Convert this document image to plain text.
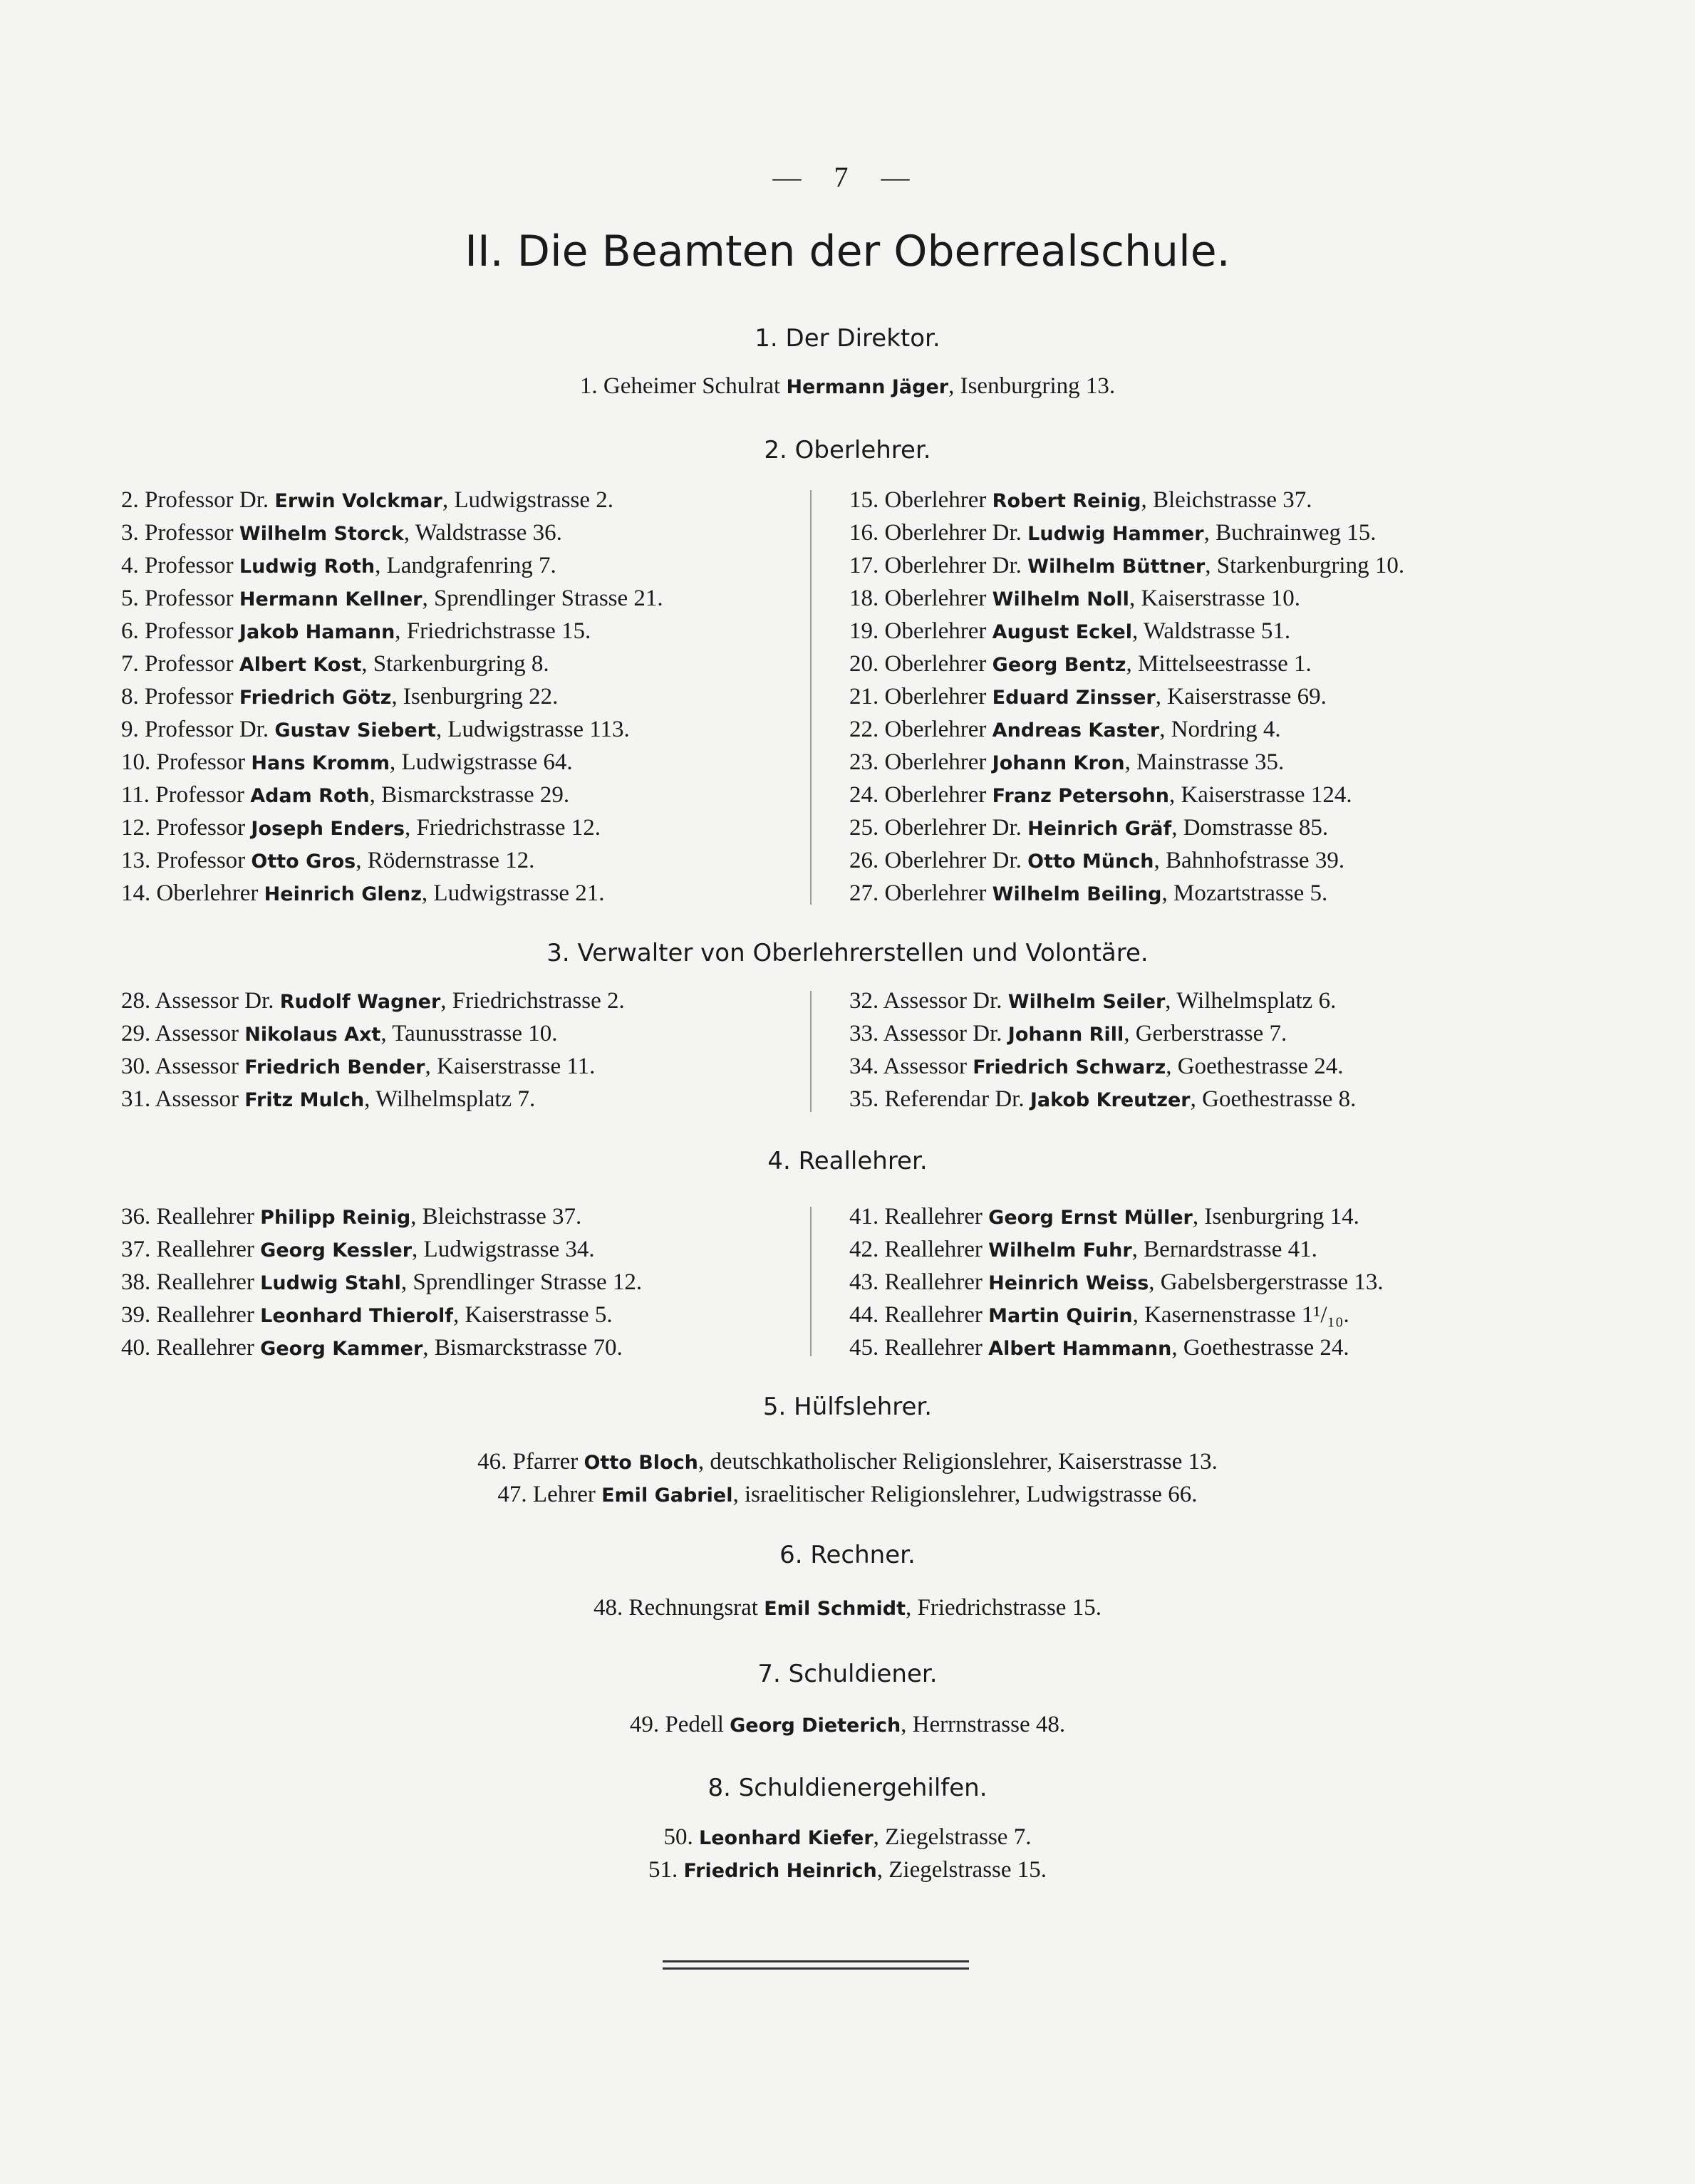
— 7 —
II. Die Beamten der Oberrealschule.
1. Der Direktor.
1. Geheimer Schulrat Hermann Jäger, Isenburgring 13.
2. Oberlehrer.
2. Professor Dr. Erwin Volckmar, Ludwigstrasse 2.
3. Professor Wilhelm Storck, Waldstrasse 36.
4. Professor Ludwig Roth, Landgrafenring 7.
5. Professor Hermann Kellner, Sprendlinger Strasse 21.
6. Professor Jakob Hamann, Friedrichstrasse 15.
7. Professor Albert Kost, Starkenburgring 8.
8. Professor Friedrich Götz, Isenburgring 22.
9. Professor Dr. Gustav Siebert, Ludwigstrasse 113.
10. Professor Hans Kromm, Ludwigstrasse 64.
11. Professor Adam Roth, Bismarckstrasse 29.
12. Professor Joseph Enders, Friedrichstrasse 12.
13. Professor Otto Gros, Rödernstrasse 12.
14. Oberlehrer Heinrich Glenz, Ludwigstrasse 21.
15. Oberlehrer Robert Reinig, Bleichstrasse 37.
16. Oberlehrer Dr. Ludwig Hammer, Buchrainweg 15.
17. Oberlehrer Dr. Wilhelm Büttner, Starkenburgring 10.
18. Oberlehrer Wilhelm Noll, Kaiserstrasse 10.
19. Oberlehrer August Eckel, Waldstrasse 51.
20. Oberlehrer Georg Bentz, Mittelseestrasse 1.
21. Oberlehrer Eduard Zinsser, Kaiserstrasse 69.
22. Oberlehrer Andreas Kaster, Nordring 4.
23. Oberlehrer Johann Kron, Mainstrasse 35.
24. Oberlehrer Franz Petersohn, Kaiserstrasse 124.
25. Oberlehrer Dr. Heinrich Gräf, Domstrasse 85.
26. Oberlehrer Dr. Otto Münch, Bahnhofstrasse 39.
27. Oberlehrer Wilhelm Beiling, Mozartstrasse 5.
3. Verwalter von Oberlehrerstellen und Volontäre.
28. Assessor Dr. Rudolf Wagner, Friedrichstrasse 2.
29. Assessor Nikolaus Axt, Taunusstrasse 10.
30. Assessor Friedrich Bender, Kaiserstrasse 11.
31. Assessor Fritz Mulch, Wilhelmsplatz 7.
32. Assessor Dr. Wilhelm Seiler, Wilhelmsplatz 6.
33. Assessor Dr. Johann Rill, Gerberstrasse 7.
34. Assessor Friedrich Schwarz, Goethestrasse 24.
35. Referendar Dr. Jakob Kreutzer, Goethestrasse 8.
4. Reallehrer.
36. Reallehrer Philipp Reinig, Bleichstrasse 37.
37. Reallehrer Georg Kessler, Ludwigstrasse 34.
38. Reallehrer Ludwig Stahl, Sprendlinger Strasse 12.
39. Reallehrer Leonhard Thierolf, Kaiserstrasse 5.
40. Reallehrer Georg Kammer, Bismarckstrasse 70.
41. Reallehrer Georg Ernst Müller, Isenburgring 14.
42. Reallehrer Wilhelm Fuhr, Bernardstrasse 41.
43. Reallehrer Heinrich Weiss, Gabelsbergerstrasse 13.
44. Reallehrer Martin Quirin, Kasernenstrasse 1¹/₁₀.
45. Reallehrer Albert Hammann, Goethestrasse 24.
5. Hülfslehrer.
46. Pfarrer Otto Bloch, deutschkatholischer Religionslehrer, Kaiserstrasse 13.
47. Lehrer Emil Gabriel, israelitischer Religionslehrer, Ludwigstrasse 66.
6. Rechner.
48. Rechnungsrat Emil Schmidt, Friedrichstrasse 15.
7. Schuldiener.
49. Pedell Georg Dieterich, Herrnstrasse 48.
8. Schuldienergehilfen.
50. Leonhard Kiefer, Ziegelstrasse 7.
51. Friedrich Heinrich, Ziegelstrasse 15.
